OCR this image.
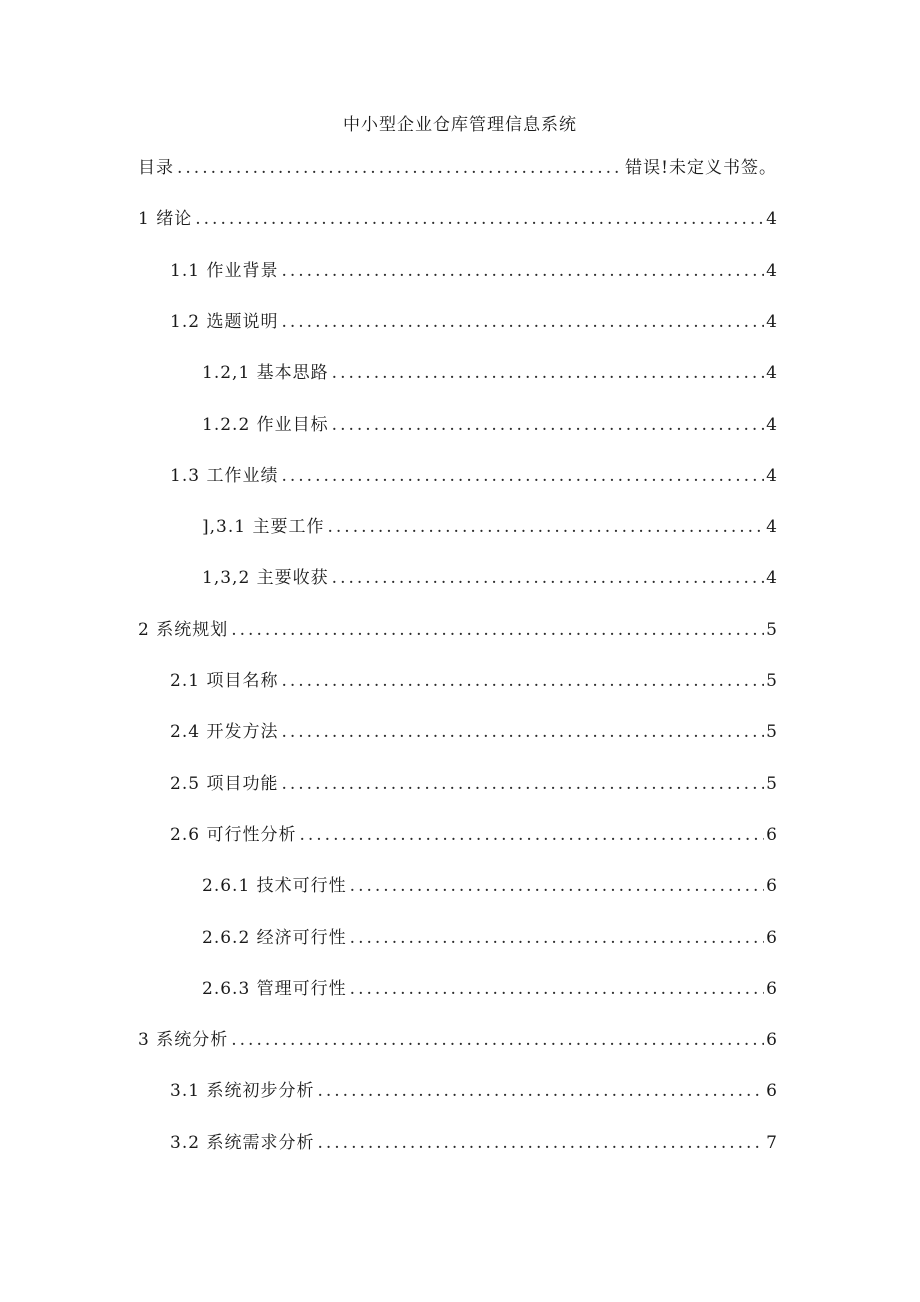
中小型企业仓库管理信息系统
目录 .....	错误!未定义书签。
1 绪论 .....	4
1.1 作业背景 .....	4
1.2 选题说明 .....	4
1.2,1 基本思路 .....	4
1.2.2 作业目标 .....	4
1.3 工作业绩 .....	4
],3.1 主要工作 .....	4
1,3,2 主要收获 .....	4
2 系统规划 .....	5
2.1 项目名称 .....	5
2.4 开发方法 .....	5
2.5 项目功能 .....	5
2.6 可行性分析 .....	6
2.6.1 技术可行性 .....	6
2.6.2 经济可行性 .....	6
2.6.3 管理可行性 .....	6
3 系统分析 .....	6
3.1 系统初步分析 .....	6
3.2 系统需求分析 .....	7
